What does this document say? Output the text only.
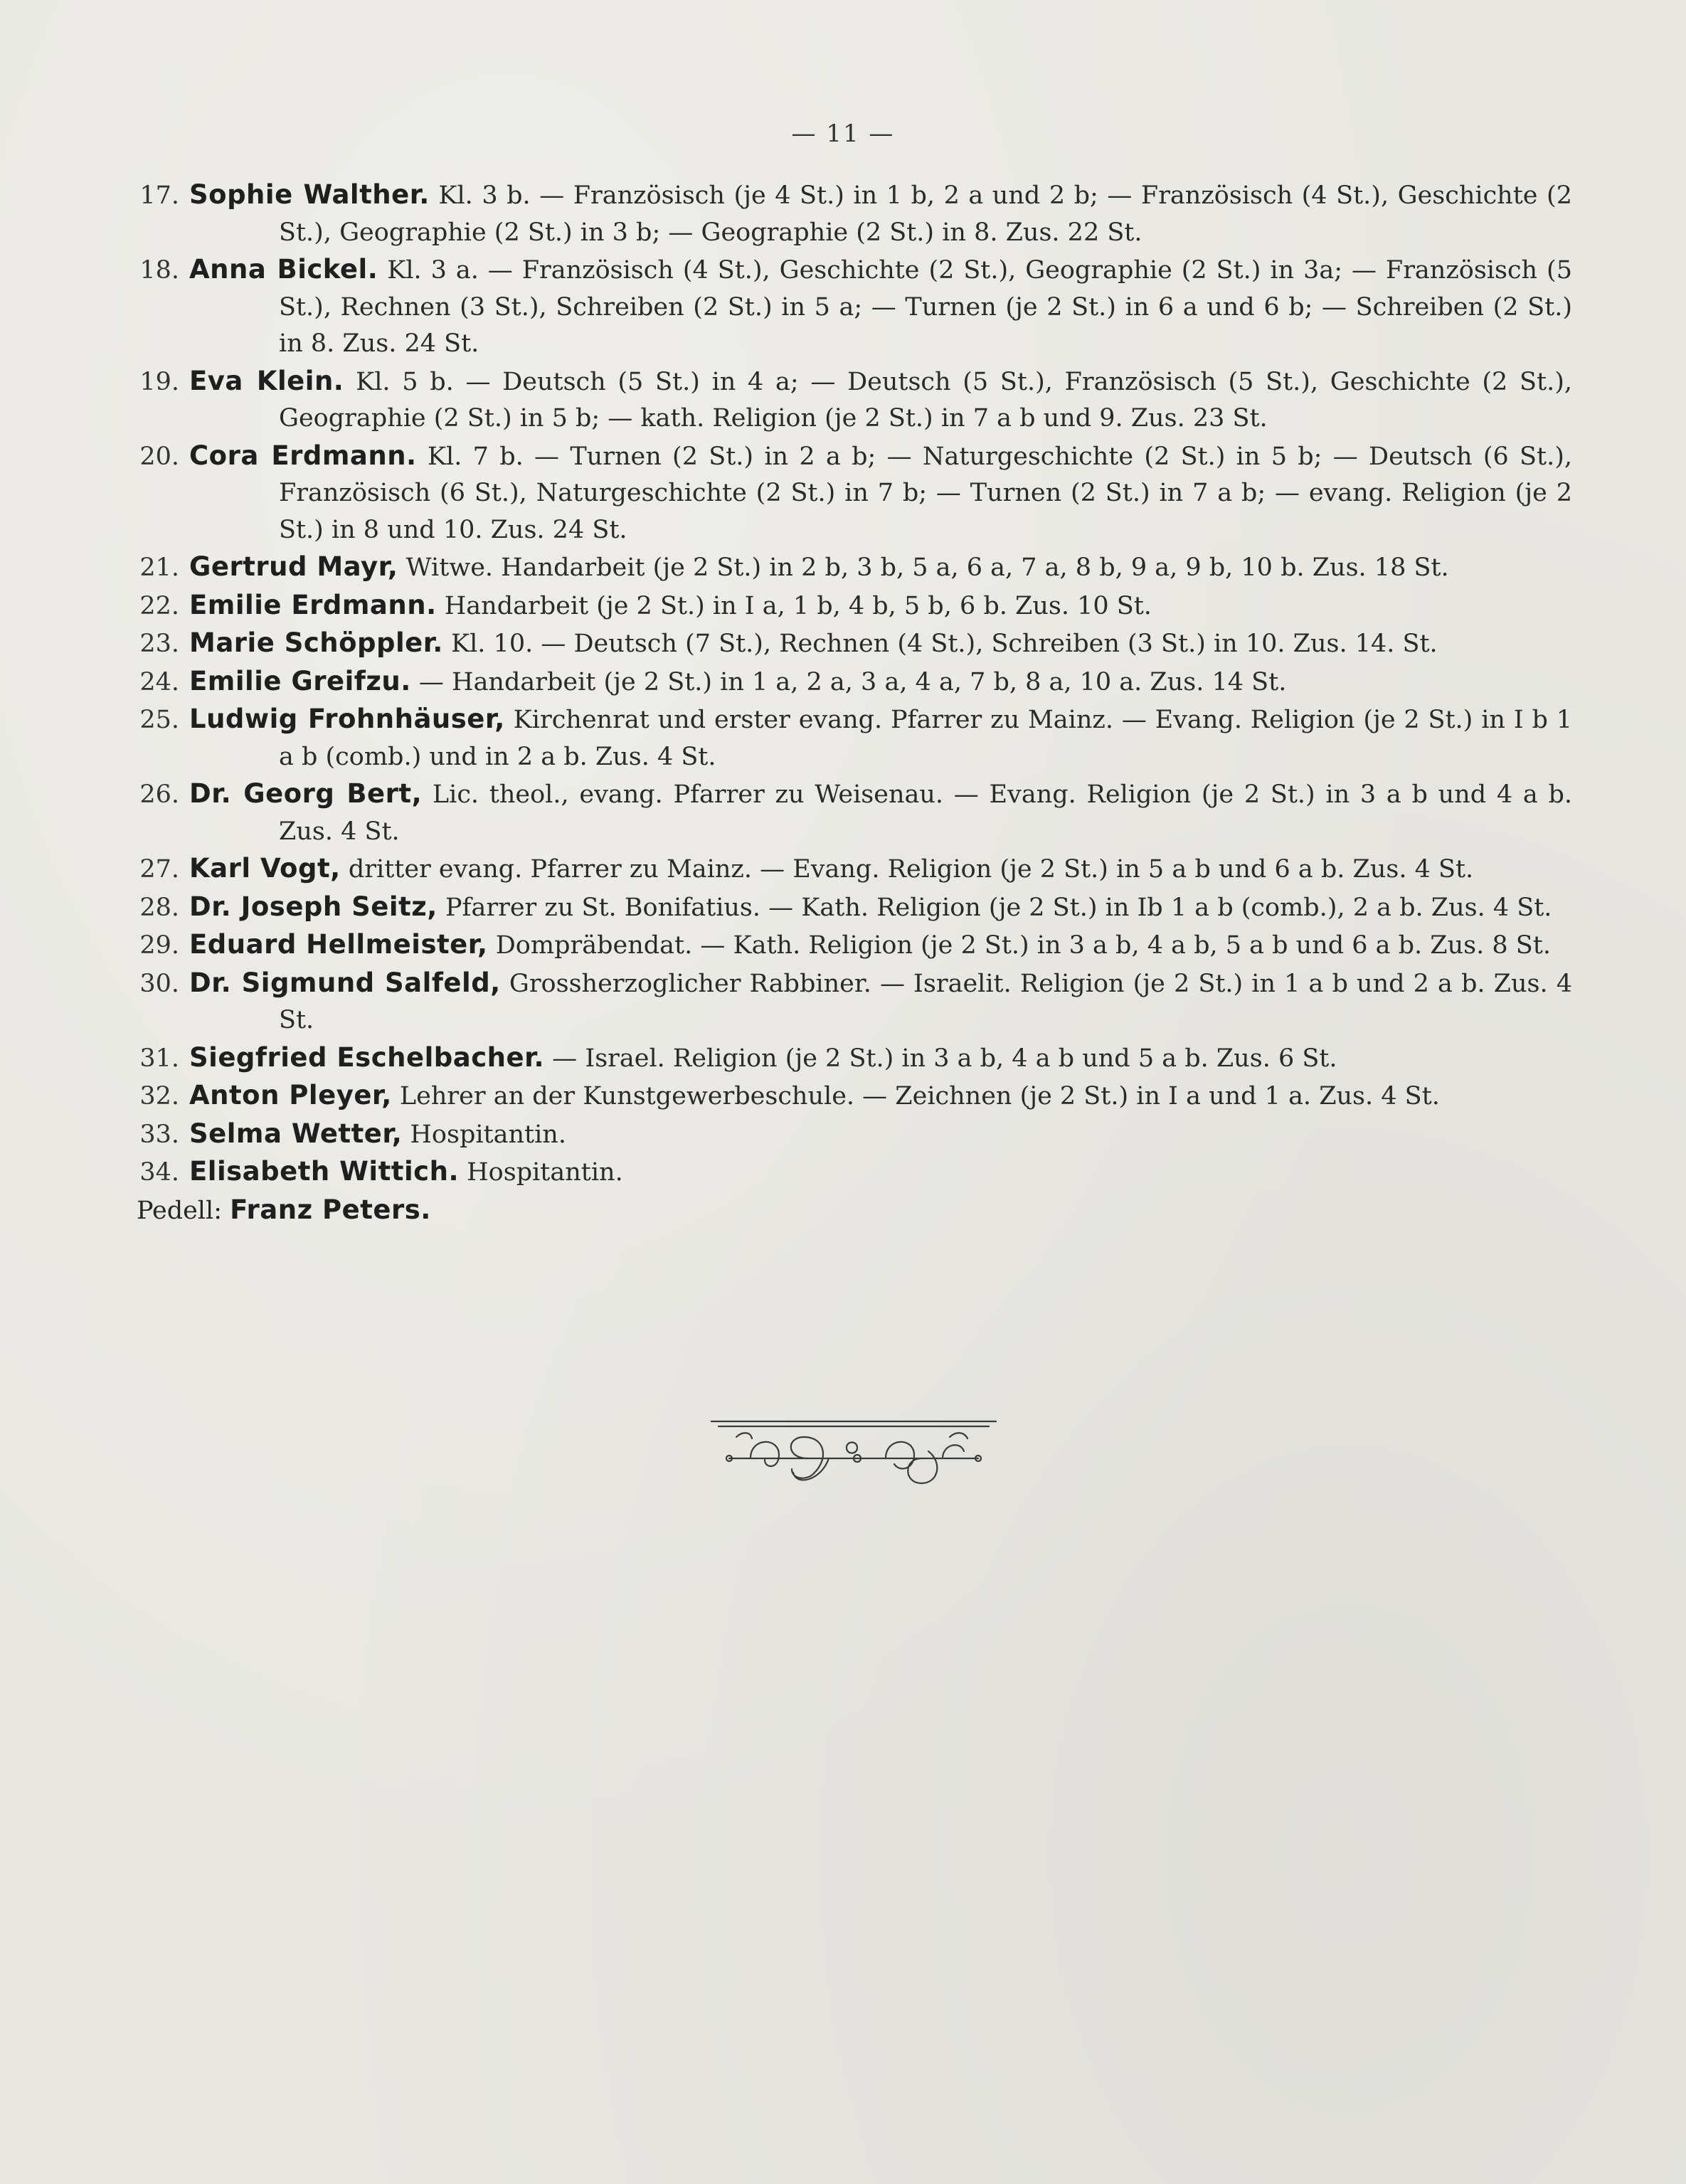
— 11 —
17. Sophie Walther. Kl. 3 b. — Französisch (je 4 St.) in 1 b, 2 a und 2 b; — Französisch (4 St.), Geschichte (2 St.), Geographie (2 St.) in 3 b; — Geographie (2 St.) in 8. Zus. 22 St.
18. Anna Bickel. Kl. 3 a. — Französisch (4 St.), Geschichte (2 St.), Geographie (2 St.) in 3a; — Französisch (5 St.), Rechnen (3 St.), Schreiben (2 St.) in 5 a; — Turnen (je 2 St.) in 6 a und 6 b; — Schreiben (2 St.) in 8. Zus. 24 St.
19. Eva Klein. Kl. 5 b. — Deutsch (5 St.) in 4 a; — Deutsch (5 St.), Französisch (5 St.), Geschichte (2 St.), Geographie (2 St.) in 5 b; — kath. Religion (je 2 St.) in 7 a b und 9. Zus. 23 St.
20. Cora Erdmann. Kl. 7 b. — Turnen (2 St.) in 2 a b; — Naturgeschichte (2 St.) in 5 b; — Deutsch (6 St.), Französisch (6 St.), Naturgeschichte (2 St.) in 7 b; — Turnen (2 St.) in 7 a b; — evang. Religion (je 2 St.) in 8 und 10. Zus. 24 St.
21. Gertrud Mayr, Witwe. Handarbeit (je 2 St.) in 2 b, 3 b, 5 a, 6 a, 7 a, 8 b, 9 a, 9 b, 10 b. Zus. 18 St.
22. Emilie Erdmann. Handarbeit (je 2 St.) in I a, 1 b, 4 b, 5 b, 6 b. Zus. 10 St.
23. Marie Schöppler. Kl. 10. — Deutsch (7 St.), Rechnen (4 St.), Schreiben (3 St.) in 10. Zus. 14. St.
24. Emilie Greifzu. — Handarbeit (je 2 St.) in 1 a, 2 a, 3 a, 4 a, 7 b, 8 a, 10 a. Zus. 14 St.
25. Ludwig Frohnhäuser, Kirchenrat und erster evang. Pfarrer zu Mainz. — Evang. Religion (je 2 St.) in I b 1 a b (comb.) und in 2 a b. Zus. 4 St.
26. Dr. Georg Bert, Lic. theol., evang. Pfarrer zu Weisenau. — Evang. Religion (je 2 St.) in 3 a b und 4 a b. Zus. 4 St.
27. Karl Vogt, dritter evang. Pfarrer zu Mainz. — Evang. Religion (je 2 St.) in 5 a b und 6 a b. Zus. 4 St.
28. Dr. Joseph Seitz, Pfarrer zu St. Bonifatius. — Kath. Religion (je 2 St.) in Ib 1 a b (comb.), 2 a b. Zus. 4 St.
29. Eduard Hellmeister, Dompräbendat. — Kath. Religion (je 2 St.) in 3 a b, 4 a b, 5 a b und 6 a b. Zus. 8 St.
30. Dr. Sigmund Salfeld, Grossherzoglicher Rabbiner. — Israelit. Religion (je 2 St.) in 1 a b und 2 a b. Zus. 4 St.
31. Siegfried Eschelbacher. — Israel. Religion (je 2 St.) in 3 a b, 4 a b und 5 a b. Zus. 6 St.
32. Anton Pleyer, Lehrer an der Kunstgewerbeschule. — Zeichnen (je 2 St.) in I a und 1 a. Zus. 4 St.
33. Selma Wetter, Hospitantin.
34. Elisabeth Wittich. Hospitantin.
Pedell: Franz Peters.
